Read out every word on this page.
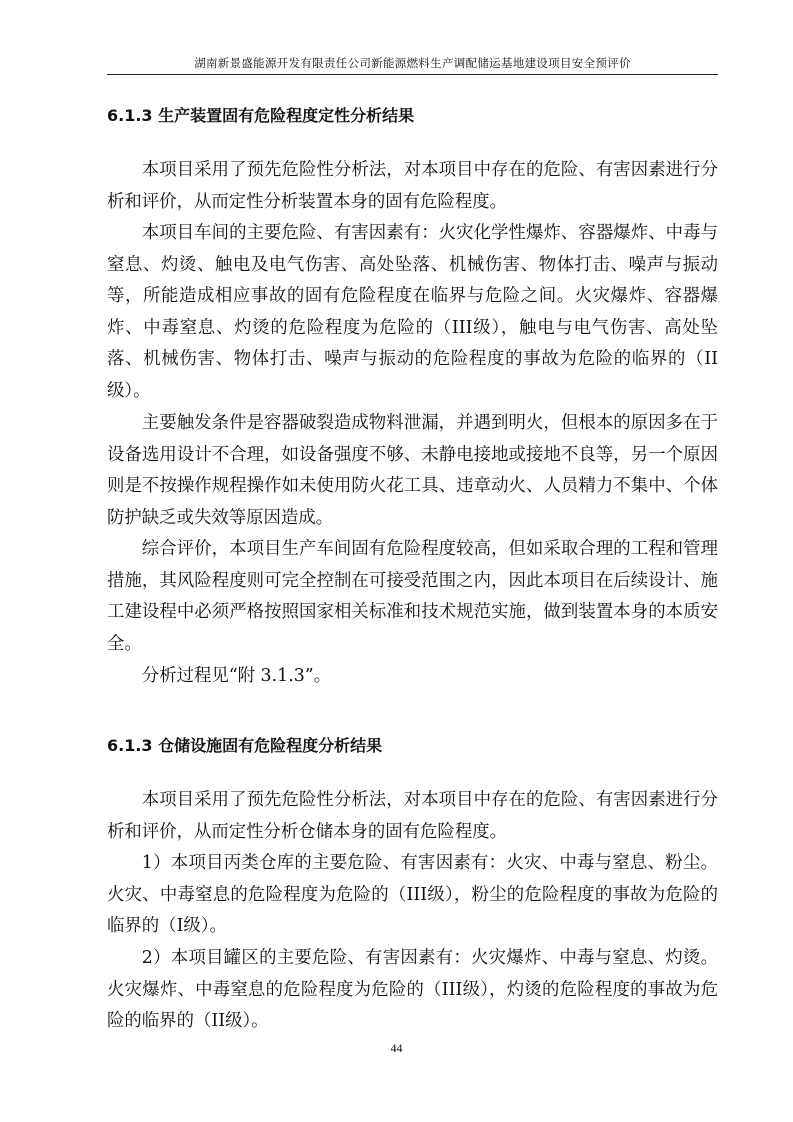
湖南新景盛能源开发有限责任公司新能源燃料生产调配储运基地建设项目安全预评价
6.1.3 生产装置固有危险程度定性分析结果

本项目采用了预先危险性分析法，对本项目中存在的危险、有害因素进行分析和评价，从而定性分析装置本身的固有危险程度。

本项目车间的主要危险、有害因素有：火灾化学性爆炸、容器爆炸、中毒与窒息、灼烫、触电及电气伤害、高处坠落、机械伤害、物体打击、噪声与振动等，所能造成相应事故的固有危险程度在临界与危险之间。火灾爆炸、容器爆炸、中毒窒息、灼烫的危险程度为危险的（III级），触电与电气伤害、高处坠落、机械伤害、物体打击、噪声与振动的危险程度的事故为危险的临界的（II级）。

主要触发条件是容器破裂造成物料泄漏，并遇到明火，但根本的原因多在于设备选用设计不合理，如设备强度不够、未静电接地或接地不良等，另一个原因则是不按操作规程操作如未使用防火花工具、违章动火、人员精力不集中、个体防护缺乏或失效等原因造成。

综合评价，本项目生产车间固有危险程度较高，但如采取合理的工程和管理措施，其风险程度则可完全控制在可接受范围之内，因此本项目在后续设计、施工建设程中必须严格按照国家相关标准和技术规范实施，做到装置本身的本质安全。

分析过程见“附 3.1.3”。

6.1.3 仓储设施固有危险程度分析结果

本项目采用了预先危险性分析法，对本项目中存在的危险、有害因素进行分析和评价，从而定性分析仓储本身的固有危险程度。

1）本项目丙类仓库的主要危险、有害因素有：火灾、中毒与窒息、粉尘。火灾、中毒窒息的危险程度为危险的（III级），粉尘的危险程度的事故为危险的临界的（I级）。

2）本项目罐区的主要危险、有害因素有：火灾爆炸、中毒与窒息、灼烫。火灾爆炸、中毒窒息的危险程度为危险的（III级），灼烫的危险程度的事故为危险的临界的（II级）。

44
